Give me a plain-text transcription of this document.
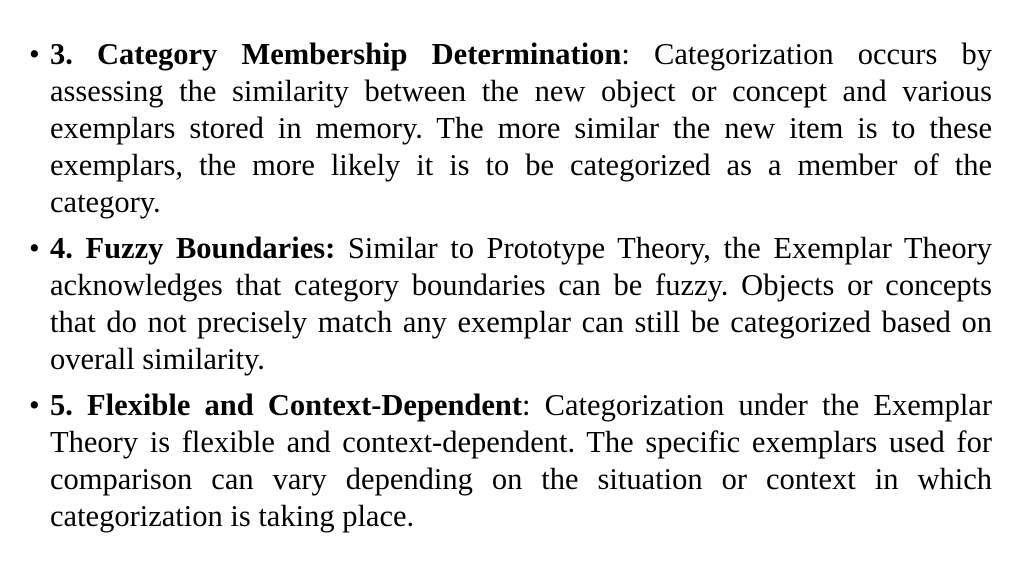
• 3. Category Membership Determination: Categorization occurs by assessing the similarity between the new object or concept and various exemplars stored in memory. The more similar the new item is to these exemplars, the more likely it is to be categorized as a member of the category.
• 4. Fuzzy Boundaries: Similar to Prototype Theory, the Exemplar Theory acknowledges that category boundaries can be fuzzy. Objects or concepts that do not precisely match any exemplar can still be categorized based on overall similarity.
• 5. Flexible and Context-Dependent: Categorization under the Exemplar Theory is flexible and context-dependent. The specific exemplars used for comparison can vary depending on the situation or context in which categorization is taking place.
